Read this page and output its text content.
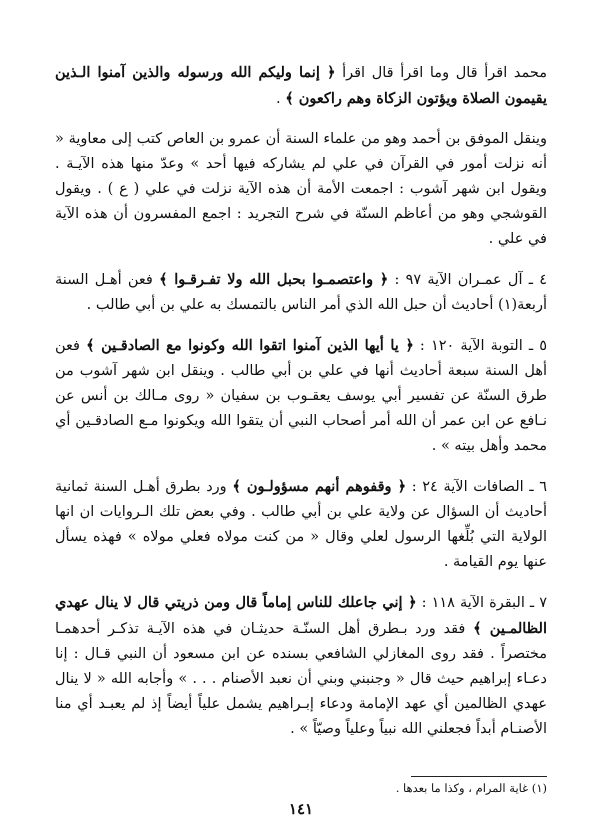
محمد اقرأ قال وما اقرأ قال اقرأ ﴿ إنما وليكم الله ورسوله والذين آمنوا الـذين يقيمون الصلاة ويؤتون الزكاة وهم راكعون ﴾ .

وينقل الموفق بن أحمد وهو من علماء السنة أن عمرو بن العاص كتب إلى معاوية « أنه نزلت أمور في القرآن في علي لم يشاركه فيها أحد » وعدّ منها هذه الآيـة . ويقول ابن شهر آشوب : اجمعت الأمة أن هذه الآية نزلت في علي ( ع ) . ويقول القوشجي وهو من أعاظم السنّة في شرح التجريد : اجمع المفسرون أن هذه الآية في علي .

٤ ـ آل عمـران الآية ٩٧ : ﴿ واعتصمـوا بحبل الله ولا تفـرقـوا ﴾ فعن أهـل السنة أربعة(١) أحاديث أن حبل الله الذي أمر الناس بالتمسك به علي بن أبي طالب .

٥ ـ التوبة الآية ١٢٠ : ﴿ يا أيها الذين آمنوا اتقوا الله وكونوا مع الصادقـين ﴾ فعن أهل السنة سبعة أحاديث أنها في علي بن أبي طالب . وينقل ابن شهر آشوب من طرق السنّة عن تفسير أبي يوسف يعقـوب بن سفيان « روى مـالك بن أنس عن نـافع عن ابن عمر أن الله أمر أصحاب النبي أن يتقوا الله ويكونوا مـع الصادقـين أي محمد وأهل بيته » .

٦ ـ الصافات الآية ٢٤ : ﴿ وقفوهم أنهم مسؤولـون ﴾ ورد بطرق أهـل السنة ثمانية أحاديث أن السؤال عن ولاية علي بن أبي طالب . وفي بعض تلك الـروايات ان انها الولاية التي بُلِّغها الرسول لعلي وقال « من كنت مولاه فعلي مولاه » فهذه يسأل عنها يوم القيامة .

٧ ـ البقرة الآية ١١٨ : ﴿ إني جاعلك للناس إماماً قال ومن ذريتي قال لا ينال عهدي الظالمـين ﴾ فقد ورد بـطرق أهل السنّـة حديثـان في هذه الآيـة تذكـر أحدهمـا مختصراً . فقد روى المغازلي الشافعي بسنده عن ابن مسعود أن النبي قـال : إنا دعـاء إبراهيم حيث قال « وجنبني وبني أن نعبد الأصنام . . . » وأجابه الله « لا ينال عهدي الظالمين أي عهد الإمامة ودعاء إبـراهيم يشمل علياً أيضاً إذ لم يعبـد أي منا الأصنـام أبداً فجعلني الله نبياً وعلياً وصيّاً » .

(١) غاية المرام ، وكذا ما بعدها .
١٤١
